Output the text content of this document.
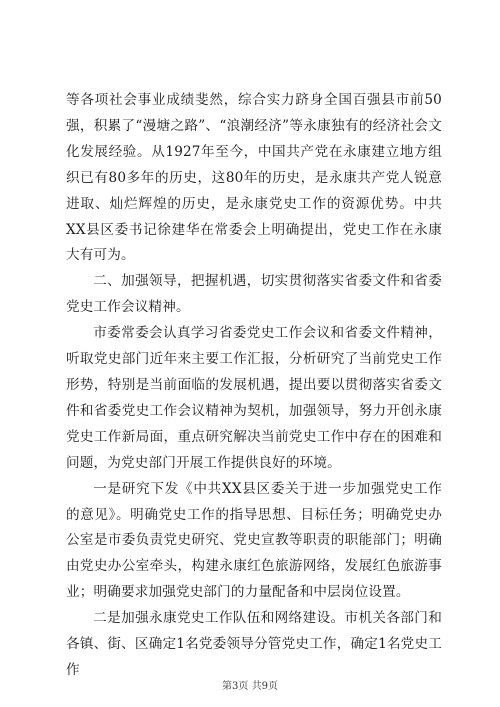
等各项社会事业成绩斐然，综合实力跻身全国百强县市前50强，积累了“漫塘之路”、“浪潮经济”等永康独有的经济社会文化发展经验。从1927年至今，中国共产党在永康建立地方组织已有80多年的历史，这80年的历史，是永康共产党人锐意进取、灿烂辉煌的历史，是永康党史工作的资源优势。中共XX县区委书记徐建华在常委会上明确提出，党史工作在永康大有可为。

二、加强领导，把握机遇，切实贯彻落实省委文件和省委党史工作会议精神。

市委常委会认真学习省委党史工作会议和省委文件精神，听取党史部门近年来主要工作汇报，分析研究了当前党史工作形势，特别是当前面临的发展机遇，提出要以贯彻落实省委文件和省委党史工作会议精神为契机，加强领导，努力开创永康党史工作新局面，重点研究解决当前党史工作中存在的困难和问题，为党史部门开展工作提供良好的环境。

一是研究下发《中共XX县区委关于进一步加强党史工作的意见》。明确党史工作的指导思想、目标任务；明确党史办公室是市委负责党史研究、党史宣教等职责的职能部门；明确由党史办公室牵头，构建永康红色旅游网络，发展红色旅游事业；明确要求加强党史部门的力量配备和中层岗位设置。

二是加强永康党史工作队伍和网络建设。市机关各部门和各镇、街、区确定1名党委领导分管党史工作，确定1名党史工作

第3页 共9页
